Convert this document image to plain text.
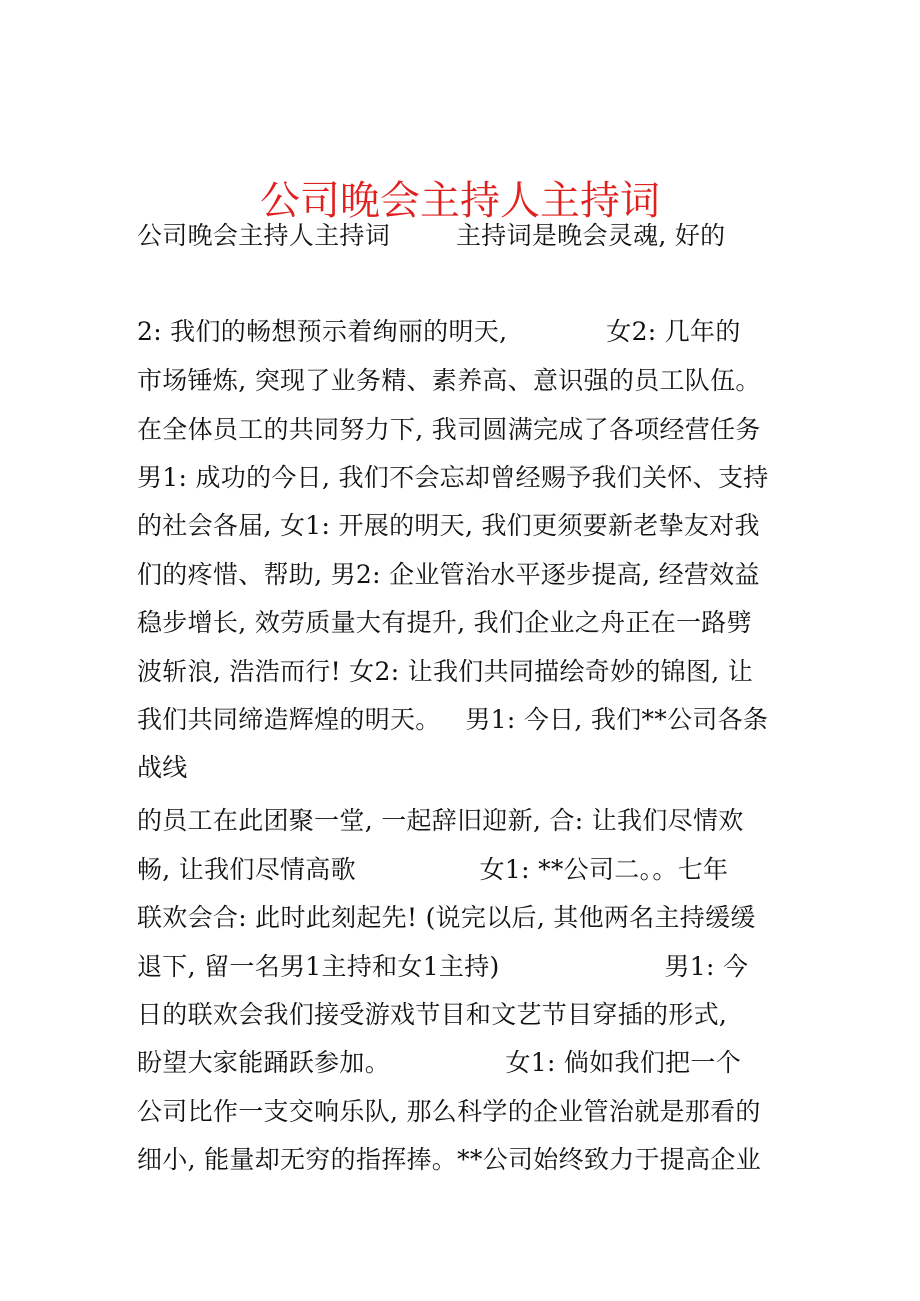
公司晚会主持人主持词
公司晚会主持人主持词        主持词是晚会灵魂, 好的
2: 我们的畅想预示着绚丽的明天,            女2: 几年的
市场锤炼, 突现了业务精、素养高、意识强的员工队伍。
在全体员工的共同努力下, 我司圆满完成了各项经营任务
男1: 成功的今日, 我们不会忘却曾经赐予我们关怀、支持
的社会各届, 女1: 开展的明天, 我们更须要新老挚友对我
们的疼惜、帮助, 男2: 企业管治水平逐步提高, 经营效益
稳步增长, 效劳质量大有提升, 我们企业之舟正在一路劈
波斩浪, 浩浩而行! 女2: 让我们共同描绘奇妙的锦图, 让
我们共同缔造辉煌的明天。   男1: 今日, 我们**公司各条
战线
的员工在此团聚一堂, 一起辞旧迎新, 合: 让我们尽情欢
畅, 让我们尽情高歌               女1: **公司二。。七年
联欢会合: 此时此刻起先! (说完以后, 其他两名主持缓缓
退下, 留一名男1主持和女1主持)                    男1: 今
日的联欢会我们接受游戏节目和文艺节目穿插的形式,
盼望大家能踊跃参加。              女1: 倘如我们把一个
公司比作一支交响乐队, 那么科学的企业管治就是那看的
细小, 能量却无穷的指挥捧。**公司始终致力于提高企业
